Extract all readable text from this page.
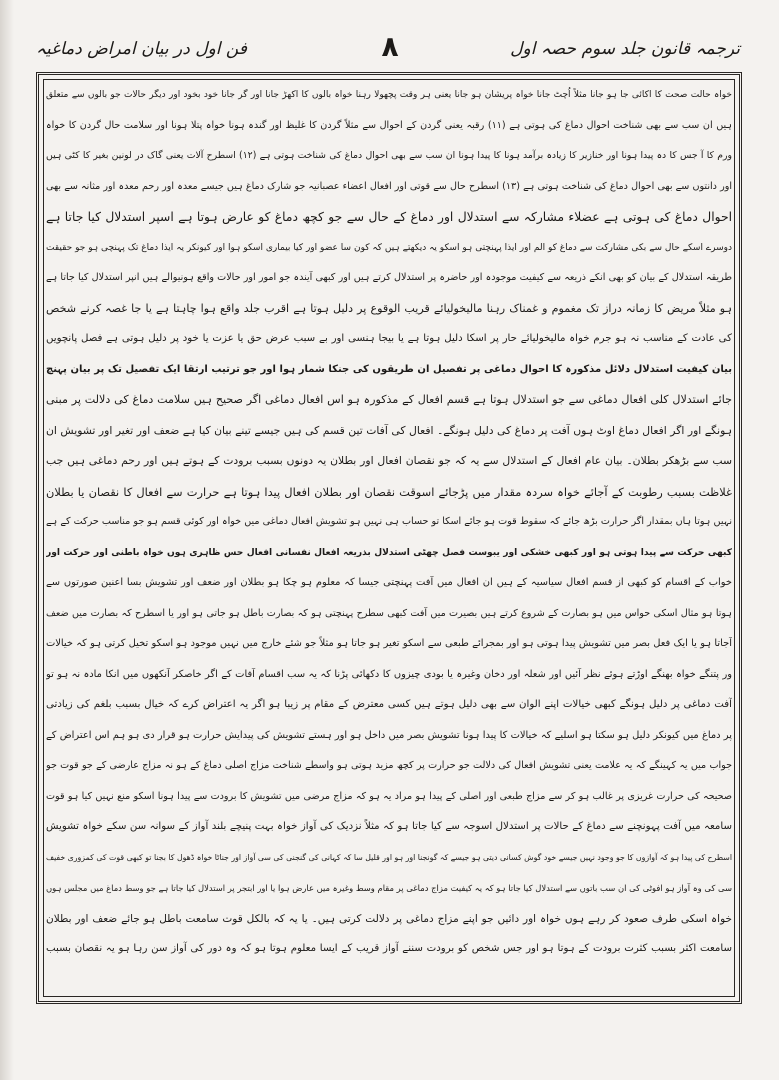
ترجمہ قانون جلد سوم حصہ اول
۸
فن اول در بیان امراض دماغیہ
خواہ حالت صحت کا اکائی جا ہو جانا مثلاً اُچٹ جانا خواہ پریشان ہو جانا یعنی ہر وقت پچھولا رہنا خواہ بالوں کا اکھڑ جانا اور گر جانا خود بخود اور دیگر حالات جو بالوں سے متعلق
ہیں ان سب سے بھی شناخت احوال دماغ کی ہوتی ہے (۱۱) رقبہ یعنی گردن کے احوال سے مثلاً گردن کا غلیظ اور گندہ ہونا خواہ پتلا ہونا اور سلامت حال گردن کا خواہ
ورم کا آ جس کا دہ پیدا ہونا اور خنازیر کا زیادہ برآمد ہونا کا پیدا ہونا ان سب سے بھی احوال دماغ کی شناخت ہوتی ہے (۱۲) اسطرح آلات یعنی گاک در لونین بغیر کا کٹی ہیں
اور دانتوں سے بھی احوال دماغ کی شناخت ہوتی ہے (۱۳) اسطرح حال سے قوتی اور افعال اعضاء عصبانیہ جو شارک دماغ ہیں جیسے معدہ اور رحم معدہ اور مثانہ سے بھی
احوال دماغ کی ہوتی ہے عضلاء مشارکہ سے استدلال اور دماغ کے حال سے جو کچھ دماغ کو عارض ہوتا ہے اسپر استدلال کیا جاتا ہے
دوسرے اسکے حال سے بکی مشارکت سے دماغ کو الم اور ایذا پہنچتی ہو اسکو یہ دیکھتے ہیں کہ کون سا عضو اور کیا بیماری اسکو ہوا اور کیونکر یہ ایذا دماغ تک پہنچی ہو جو حقیقت
طریقہ استدلال کے بیان کو بھی انکے ذریعہ سے کیفیت موجودہ اور حاضرہ پر استدلال کرتے ہیں اور کبھی آیندہ جو امور اور حالات واقع ہونیوالے ہیں انپر استدلال کیا جاتا ہے
ہو مثلاً مریض کا زمانہ دراز تک مغموم و غمناک رہنا مالیخولیائے قریب الوقوع پر دلیل ہوتا ہے اقرب جلد واقع ہوا چاہتا ہے یا جا غصہ کرنے شخص
کی عادت کے مناسب نہ ہو جرم خواہ مالیخولیائے حار پر اسکا دلیل ہوتا ہے یا بیجا ہنسی اور بے سبب عرض حق یا عزت یا خود پر دلیل ہوتی ہے فصل پانچویں
بیان کیفیت استدلال دلائل مذکورہ کا احوال دماغی پر تفصیل ان طریقوں کی جنکا شمار ہوا اور جو ترتیب ارتقا ایک تفصیل تک پر بیان پہنچ
جائے استدلال کلی افعال دماغی سے جو استدلال ہوتا ہے قسم افعال کے مذکورہ ہو اس افعال دماغی اگر صحیح ہیں سلامت دماغ کی دلالت پر مبنی
ہونگے اور اگر افعال دماغ اوٹ ہوں آفت پر دماغ کی دلیل ہونگے۔ افعال کی آفات تین قسم کی ہیں جیسے تینے بیان کیا ہے ضعف اور تغیر اور تشویش ان
سب سے بڑھکر بطلان۔ بیان عام افعال کے استدلال سے یہ کہ جو نقصان افعال اور بطلان یہ دونوں بسبب برودت کے ہوتے ہیں اور رحم دماغی ہیں جب
غلاظت بسبب رطوبت کے آجائے خواہ سردہ مقدار میں پڑجائے اسوقت نقصان اور بطلان افعال پیدا ہوتا ہے حرارت سے افعال کا نقصان یا بطلان
نہیں ہوتا ہاں بمقدار اگر حرارت بڑھ جائے کہ سقوط قوت ہو جائے اسکا تو حساب ہی نہیں ہو تشویش افعال دماغی میں خواہ اور کوئی قسم ہو جو مناسب حرکت کے ہے
کبھی حرکت سے پیدا ہوتی ہو اور کبھی خشکی اور یبوست فصل چھٹی استدلال بذریعہ افعال نفسانی افعال حس ظاہری ہوں خواہ باطنی اور حرکت اور
خواب کے اقسام کو کبھی از قسم افعال سیاسیہ کے ہیں ان افعال میں آفت پہنچتی جیسا کہ معلوم ہو چکا ہو بطلان اور ضعف اور تشویش بسا اعنین صورتوں سے
ہوتا ہو مثال اسکی حواس میں ہو بصارت کے شروع کرتے ہیں بصیرت میں آفت کبھی سطرح پہنچتی ہو کہ بصارت باطل ہو جاتی ہو اور یا اسطرح کہ بصارت میں ضعف
آجاتا ہو یا ایک فعل بصر میں تشویش پیدا ہوتی ہو اور بمجرائے طبعی سے اسکو تغیر ہو جاتا ہو مثلاً جو شئے خارج میں نہیں موجود ہو اسکو تخیل کرتی ہو کہ خیالات
ور پتنگے خواہ بھنگے اوڑتے ہوئے نظر آئیں اور شعلہ اور دخان وغیرہ یا بودی چیزوں کا دکھائی پڑنا کہ یہ سب اقسام آفات کے اگر خاصکر آنکھوں میں انکا مادہ نہ ہو تو
آفت دماغی پر دلیل ہونگے کبھی خیالات اپنے الوان سے بھی دلیل ہوتے ہیں کسی معترض کے مقام پر زیبا ہو اگر یہ اعتراض کرے کہ خیال بسبب بلغم کی زیادتی
پر دماغ میں کیونکر دلیل ہو سکتا ہو اسلیے کہ خیالات کا پیدا ہونا تشویش بصر میں داخل ہو اور ہستے تشویش کی پیدایش حرارت ہو قرار دی ہو ہم اس اعتراض کے
جواب میں یہ کہینگے کہ یہ علامت یعنی تشویش افعال کی دلالت جو حرارت پر کچھ مزید ہوتی ہو واسطے شناخت مزاج اصلی دماغ کے ہو نہ مزاج عارضی کے جو قوت جو
صحیحہ کی حرارت غریزی پر غالب ہو کر سے مزاج طبعی اور اصلی کے پیدا ہو مراد یہ ہو کہ مزاج مرضی میں تشویش کا برودت سے پیدا ہونا اسکو منع نہیں کیا ہو قوت
سامعہ میں آفت پہونچنے سے دماغ کے حالات پر استدلال اسوجہ سے کیا جاتا ہو کہ مثلاً نزدیک کی آواز خواہ بہت پنیچے بلند آواز کے سوانہ سن سکے خواہ تشویش
اسطرح کی پیدا ہو کہ آوازوں کا جو وجود نہیں جیسے خود گوش کسانی دیتی ہو جیسے کہ گونجنا اور ہو اور قلیل سا کہ کہانی کی گنجنی کی سی آواز اور جناٹا خواہ ڈھول کا بجنا تو کبھی قوت کی کمزوری خفیف
سی کی وہ آواز ہو افوٹی کی ان سب باتوں سے استدلال کیا جاتا ہو کہ یہ کیفیت مزاج دماغی پر مقام وسط وغیرہ میں عارض ہوا یا اور ابتجر پر استدلال کیا جاتا ہے جو وسط دماغ میں مجلس ہوں
خواہ اسکی طرف صعود کر رہے ہوں خواہ اور دائیں جو اپنے مزاج دماغی پر دلالت کرتی ہیں۔ یا یہ کہ بالکل قوت سامعت باطل ہو جائے ضعف اور بطلان
سامعت اکثر بسبب کثرت برودت کے ہوتا ہو اور جس شخص کو برودت سننے آواز قریب کے ایسا معلوم ہوتا ہو کہ وہ دور کی آواز سن رہا ہو یہ نقصان بسبب
